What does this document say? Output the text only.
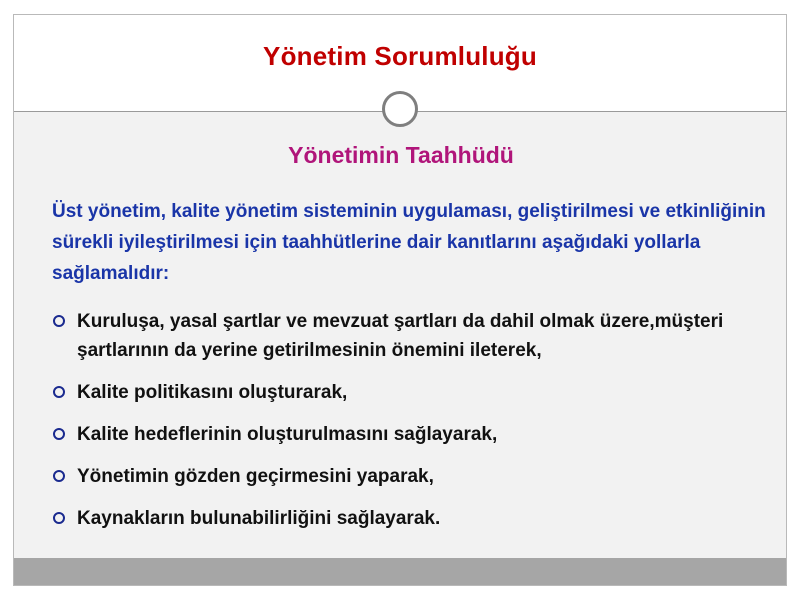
Yönetim Sorumluluğu
Yönetimin Taahhüdü
Üst yönetim, kalite yönetim sisteminin uygulaması, geliştirilmesi ve etkinliğinin sürekli iyileştirilmesi için taahhütlerine dair kanıtlarını aşağıdaki yollarla sağlamalıdır:
Kuruluşa, yasal şartlar ve mevzuat şartları da dahil olmak üzere,müşteri şartlarının da yerine getirilmesinin önemini ileterek,
Kalite politikasını oluşturarak,
Kalite hedeflerinin oluşturulmasını sağlayarak,
Yönetimin gözden geçirmesini yaparak,
Kaynakların bulunabilirliğini sağlayarak.
